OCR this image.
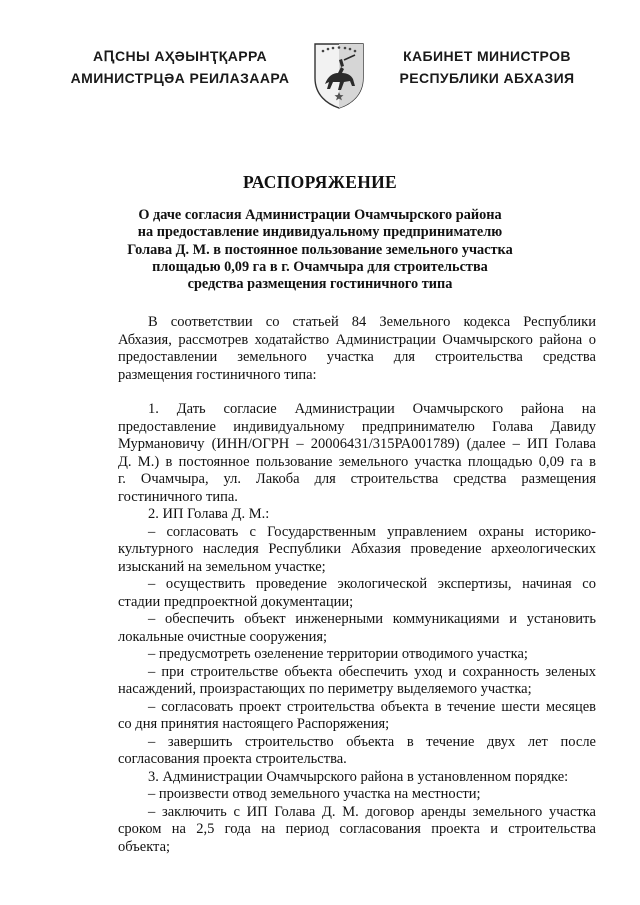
АԤСНЫ АҲӘЫНҬҚАРРА
АМИНИСТРЦӘА РЕИЛАЗААРА
КАБИНЕТ МИНИСТРОВ
РЕСПУБЛИКИ АБХАЗИЯ
РАСПОРЯЖЕНИЕ
О даче согласия Администрации Очамчырского района
на предоставление индивидуальному предпринимателю
Голава Д. М. в постоянное пользование земельного участка
площадью 0,09 га в г. Очамчыра для строительства
средства размещения гостиничного типа
В соответствии со статьей 84 Земельного кодекса Республики
Абхазия, рассмотрев ходатайство Администрации Очамчырского района о
предоставлении земельного участка для строительства средства
размещения гостиничного типа:
1. Дать согласие Администрации Очамчырского района на
предоставление индивидуальному предпринимателю Голава Давиду
Мурмановичу (ИНН/ОГРН – 20006431/315РА001789) (далее – ИП Голава
Д. М.) в постоянное пользование земельного участка площадью 0,09 га в
г. Очамчыра, ул. Лакоба для строительства средства размещения
гостиничного типа.
2. ИП Голава Д. М.:
– согласовать с Государственным управлением охраны историко-
культурного наследия Республики Абхазия проведение археологических
изысканий на земельном участке;
– осуществить проведение экологической экспертизы, начиная со
стадии предпроектной документации;
– обеспечить объект инженерными коммуникациями и установить
локальные очистные сооружения;
– предусмотреть озеленение территории отводимого участка;
– при строительстве объекта обеспечить уход и сохранность зеленых
насаждений, произрастающих по периметру выделяемого участка;
– согласовать проект строительства объекта в течение шести месяцев
со дня принятия настоящего Распоряжения;
– завершить строительство объекта в течение двух лет после
согласования проекта строительства.
3. Администрации Очамчырского района в установленном порядке:
– произвести отвод земельного участка на местности;
– заключить с ИП Голава Д. М. договор аренды земельного участка
сроком на 2,5 года на период согласования проекта и строительства
объекта;
